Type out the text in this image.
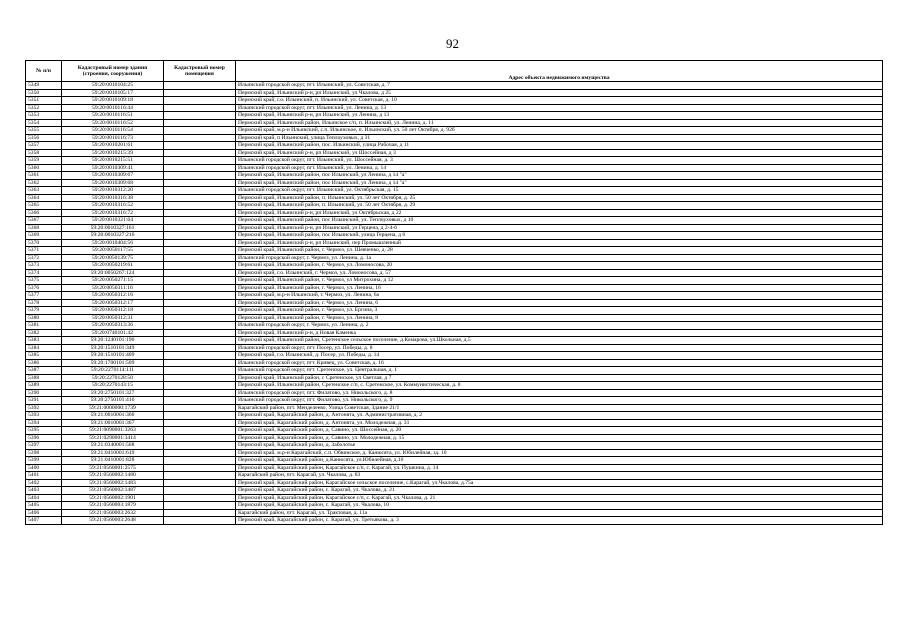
92
№ п/п	Кадастровый номер здания (строения, сооружения)	Кадастровый номер помещения	Адрес объекта недвижимого имущества
5349	59:20:0010104:25		Ильинский городской округ, пгт. Ильинский, ул. Советская, д. 7
5350	59:20:0010105:17		Пермский край, Ильинский р-н, рп Ильинский, ул Чкалова, д 25
5351	59:20:0010109:18		Пермский край, г.о. Ильинский, п. Ильинский, ул. Советская, д. 10
5352	59:20:0010116:44		Ильинский городской округ, пгт. Ильинский, ул. Ленина, д. 13
5353	59:20:0010116:51		Пермский край, Ильинский р-н, рп Ильинский, ул Ленина, д 13
5354	59:20:0010116:52		Пермский край, Ильинский район, Ильинское с/п, п. Ильинский, ул. Ленина, д. 11
5355	59:20:0010116:54		Пермский край, м.р-н Ильинский, с.п. Ильинское, п. Ильинский, ул. 50 лет Октября, д. 92б
5356	59:20:0010116:73		Пермский край, п Ильинский, улица Теплоуховых, д 31
5357	59:20:0010201:61		Пермский край, Ильинский район, пос. Ильинский, улица Рабочая, д 11
5358	59:20:0010215:39		Пермский край, Ильинский р-н, рп Ильинский, ул Шоссейная, д 3
5359	59:20:0010215:51		Ильинский городской округ, пгт. Ильинский, ул. Шоссейная, д. 3
5360	59:20:0010309:41		Ильинский городской округ, пгт. Ильинский, ул. Ленина, д. 14
5361	59:20:0010309:67		Пермский край, Ильинский район, пос Ильинский, ул Ленина, д 14 "а"
5362	59:20:0010309:68		Пермский край, Ильинский район, пос Ильинский, ул Ленина, д 14 "а"
5363	59:20:0010312:20		Ильинский городской округ, пгт. Ильинский, ул. Октябрьская, д. 15
5364	59:20:0010316:38		Пермский край, Ильинский район, п. Ильинский, ул. 50 лет Октября, д. 25
5365	59:20:0010316:52		Пермский край, Ильинский район, п. Ильинский, ул. 50 лет Октября, д. 29
5366	59:20:0010316:72		Пермский край, Ильинский р-н, рп Ильинский, ул Октябрьская, д 22
5367	59:20:0010321:64		Пермский край, Ильинский район, пос Ильинский, ул. Теплоуховых, д 10
5368	59:20:0010327:161		Пермский край, Ильинский р-н, рп Ильинский, ул Герцена, д 2-4-6
5369	59:20:0010327:216		Пермский край, Ильинский район, пос Ильинский, улица Герцена, д 6
5370	59:20:0010404:56		Пермский край, Ильинский р-н, рп Ильинский, пер Промышленный
5371	59:20:0050117:55		Пермский край, Ильинский район, г. Чермоз, ул. Шевченко, д. 28
5372	59:20:0050139:75		Ильинский городской округ, г. Чермоз, ул. Ленина, д. 1а
5373	59:20:0050219:61		Пермский край, Ильинский район, г. Чермоз, ул. Ломоносова, 20
5374	59:20:0050267:124		Пермский край, г.о. Ильинский, г. Чермоз, ул. Ломоносова, д. 57
5375	59:20:0050271:15		Пермский край, Ильинский район, г. Чермоз, ул Митрохина, д 12
5376	59:20:0050311:16		Пермский край, Ильинский район, г. Чермоз, ул. Ленина, 16
5377	59:20:0050312:16		Пермский край, м.р-н Ильинский, г. Чермоз, ул. Ленина, 6а
5378	59:20:0050312:17		Пермский край, Ильинский район, г. Чермоз, ул. Ленина, 6
5379	59:20:0050312:18		Пермский край, Ильинский район, г. Чермоз, ул. Ергина, 3
5380	59:20:0050312:31		Пермский край, Ильинский район, г. Чермоз, ул. Ленина, 8
5381	59:20:0050313:36		Ильинский городской округ, г. Чермоз, ул. Ленина, д. 2
5382	59:20:0740101:42		Пермский край, Ильинский р-н, д Новая Каменка
5383	59:20:1240101:190		Пермский край, Ильинский район, Сретенское сельское поселение, д.Комарова, ул.Школьная, д.5
5384	59:20:1510101:349		Ильинский городской округ, пгт. Посер, ул. Победы, д. 8
5385	59:20:1510101:409		Пермский край, г.о. Ильинский, д. Посер, ул. Победы, д. 14
5386	59:20:1700101:509		Ильинский городской округ, пгт. Кривец, ул. Советская, д. 16
5387	59:20:2270114:111		Ильинский городской округ, пгт. Сретенское, ул. Центральная, д. 1
5388	59:20:2270128:50		Пермский край, Ильинский район, с Сретенское, ул Светлая, д 7
5389	59:20:2270143:15		Пермский край, Ильинский район, Сретенское с/п, с. Сретенское, ул. Коммунистическая, д. 8
5390	59:20:2750101:327		Ильинский городской округ, пгт. Филатово, ул. Никольского, д. 8
5391	59:20:2750101:416		Ильинский городской округ, пгт. Филатово, ул. Никольского, д. 9
5392	59:21:0000000:1739		Карагайский район, пгт. Менделеево, Улица Советская, Здание 21/1
5393	59:21:0010001:366		Пермский край, Карагайский район, д. Антонята, ул. Административная, д. 2
5394	59:21:0010001:367		Пермский край, Карагайский район, д. Антонята, ул. Молодежная, д. 31
5395	59:21:0090001:3263		Пермский край, Карагайский район, д. Савино, ул. Шоссейная, д. 20
5396	59:21:0290001:3414		Пермский край, Карагайский район, д. Савино, ул. Молодежная, д. 15
5397	59:21:0340001:568		Пермский край, Карагайский район, д. Заболотье
5398	59:21:0410001:619		Пермский край, м.р-н Карагайский, с.п. Обвинское, д. Канюсята, ул. Юбилейная, зд. 10
5399	59:21:0410001:828		Пермский край, Карагайский район, д.Канюсята, ул.Юбилейная, д.16
5400	59:21:0560001:2575		Пермский край, Карагайский район, Карагайское с/п, с. Карагай, ул. Пушкина, д. 14
5401	59:21:0560002:1480		Карагайский район, пгт. Карагай, ул. Чкалова, д. 83
5402	59:21:0560002:1483		Пермский край, Карагайский район, Карагайское сельское поселение, с.Карагай, ул.Чкалова, д.75а
5403	59:21:0560002:1487		Пермский край, Карагайский район, с. Карагай, ул. Чкалова, д. 21
5404	59:21:0560002:1901		Пермский край, Карагайский район, Карагайское с/п, с. Карагай, ул. Чкалова, д. 21
5405	59:21:0560003:1879		Пермский край, Карагайский район, с. Карагай, ул. Чкалова, 10
5406	59:21:0560003:2632		Карагайский район, пгт. Карагай, ул. Трактовая, д. 11а
5407	59:21:0560003:2648		Пермский край, Карагайский район, с. Карагай, ул. Третьякова, д. 3
